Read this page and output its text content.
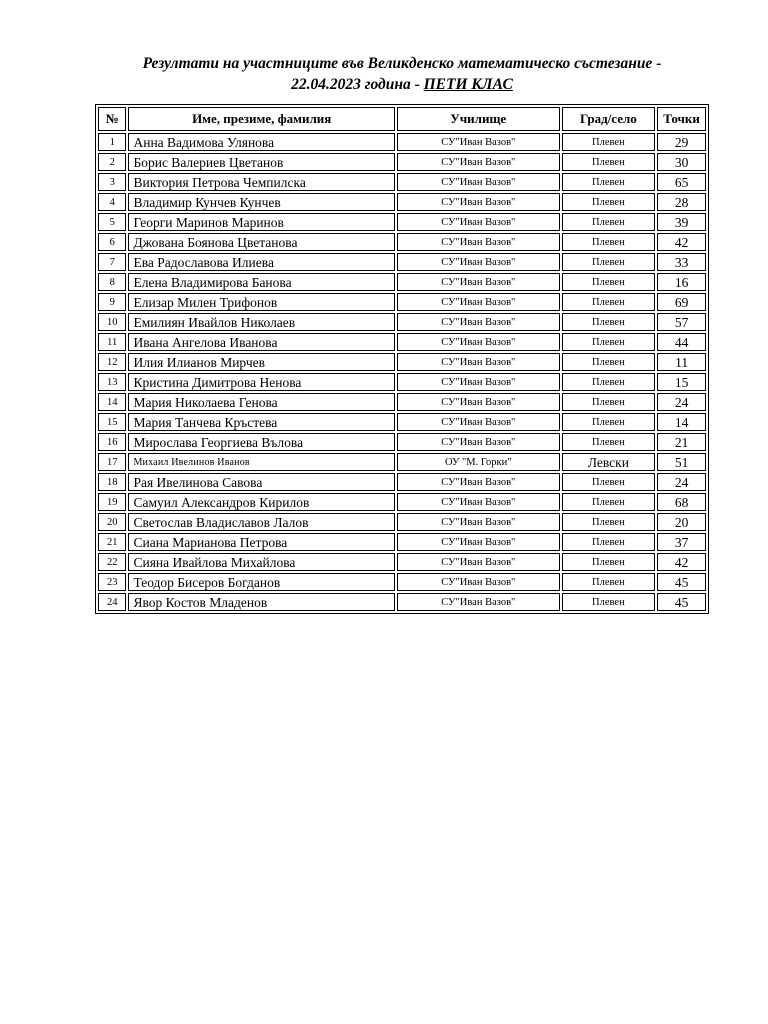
Резултати на участниците във Великденско математическо състезание -
22.04.2023 година - ПЕТИ КЛАС

№	Име, презиме, фамилия	Училище	Град/село	Точки
1	Анна Вадимова Улянова	СУ"Иван Вазов"	Плевен	29
2	Борис Валериев Цветанов	СУ"Иван Вазов"	Плевен	30
3	Виктория Петрова Чемпилска	СУ"Иван Вазов"	Плевен	65
4	Владимир Кунчев Кунчев	СУ"Иван Вазов"	Плевен	28
5	Георги Маринов Маринов	СУ"Иван Вазов"	Плевен	39
6	Джована Боянова Цветанова	СУ"Иван Вазов"	Плевен	42
7	Ева Радославова Илиева	СУ"Иван Вазов"	Плевен	33
8	Елена Владимирова Банова	СУ"Иван Вазов"	Плевен	16
9	Елизар Милен Трифонов	СУ"Иван Вазов"	Плевен	69
10	Емилиян Ивайлов Николаев	СУ"Иван Вазов"	Плевен	57
11	Ивана Ангелова Иванова	СУ"Иван Вазов"	Плевен	44
12	Илия Илианов Мирчев	СУ"Иван Вазов"	Плевен	11
13	Кристина Димитрова Ненова	СУ"Иван Вазов"	Плевен	15
14	Мария Николаева Генова	СУ"Иван Вазов"	Плевен	24
15	Мария Танчева Кръстева	СУ"Иван Вазов"	Плевен	14
16	Мирослава Георгиева Вълова	СУ"Иван Вазов"	Плевен	21
17	Михаил Ивелинов Иванов	ОУ "М. Горки"	Левски	51
18	Рая Ивелинова Савова	СУ"Иван Вазов"	Плевен	24
19	Самуил Александров Кирилов	СУ"Иван Вазов"	Плевен	68
20	Светослав Владиславов Лалов	СУ"Иван Вазов"	Плевен	20
21	Сиана Марианова Петрова	СУ"Иван Вазов"	Плевен	37
22	Сияна Ивайлова Михайлова	СУ"Иван Вазов"	Плевен	42
23	Теодор Бисеров Богданов	СУ"Иван Вазов"	Плевен	45
24	Явор Костов Младенов	СУ"Иван Вазов"	Плевен	45
